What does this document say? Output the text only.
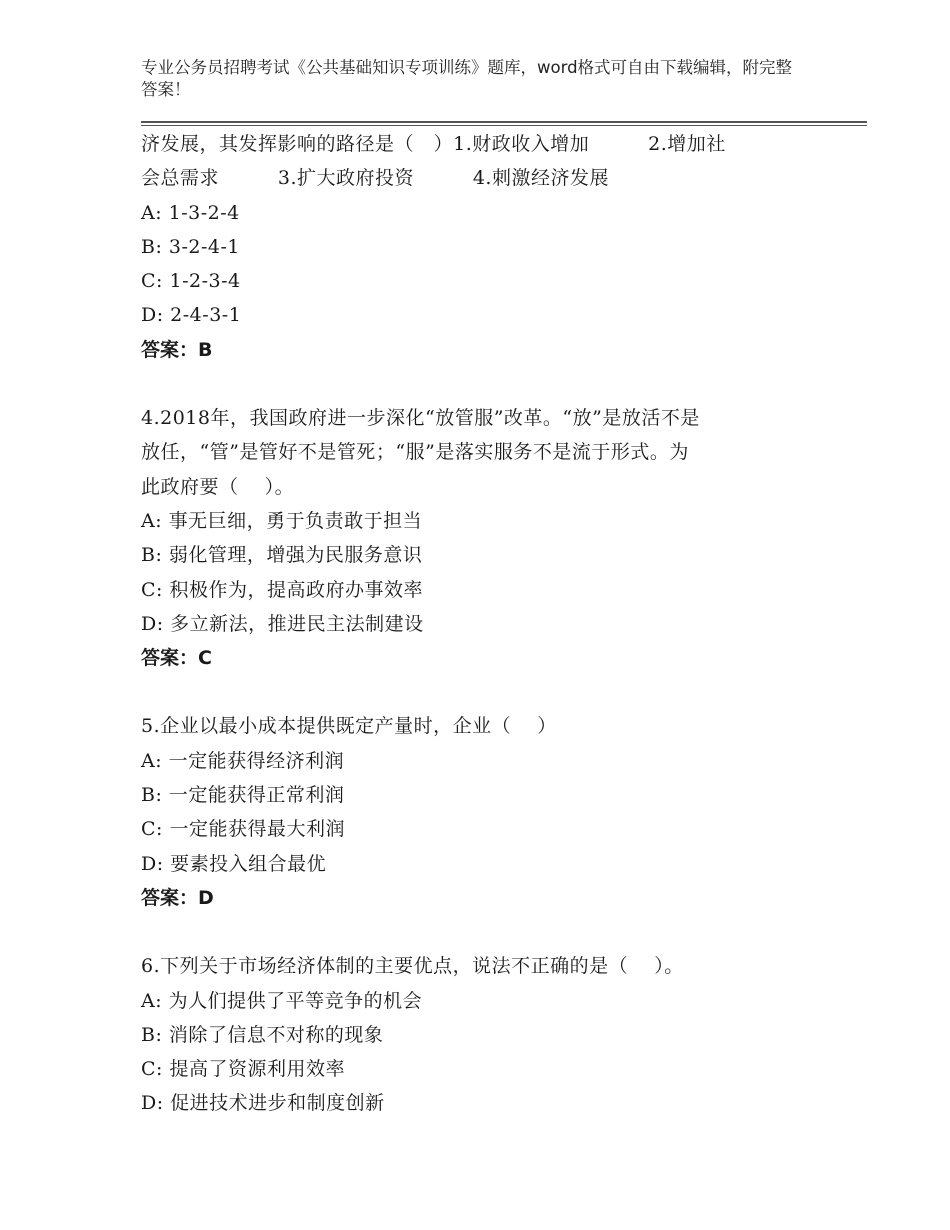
专业公务员招聘考试《公共基础知识专项训练》题库，word格式可自由下载编辑，附完整答案！
济发展，其发挥影响的路径是（   ）1.财政收入增加         2.增加社
会总需求         3.扩大政府投资         4.刺激经济发展
A: 1-3-2-4
B: 3-2-4-1
C: 1-2-3-4
D: 2-4-3-1
答案：B
4.2018年，我国政府进一步深化“放管服”改革。“放”是放活不是
放任，“管”是管好不是管死；“服”是落实服务不是流于形式。为
此政府要（    ）。
A: 事无巨细，勇于负责敢于担当
B: 弱化管理，增强为民服务意识
C: 积极作为，提高政府办事效率
D: 多立新法，推进民主法制建设
答案：C
5.企业以最小成本提供既定产量时，企业（    ）
A: 一定能获得经济利润
B: 一定能获得正常利润
C: 一定能获得最大利润
D: 要素投入组合最优
答案：D
6.下列关于市场经济体制的主要优点，说法不正确的是（    ）。
A: 为人们提供了平等竞争的机会
B: 消除了信息不对称的现象
C: 提高了资源利用效率
D: 促进技术进步和制度创新
